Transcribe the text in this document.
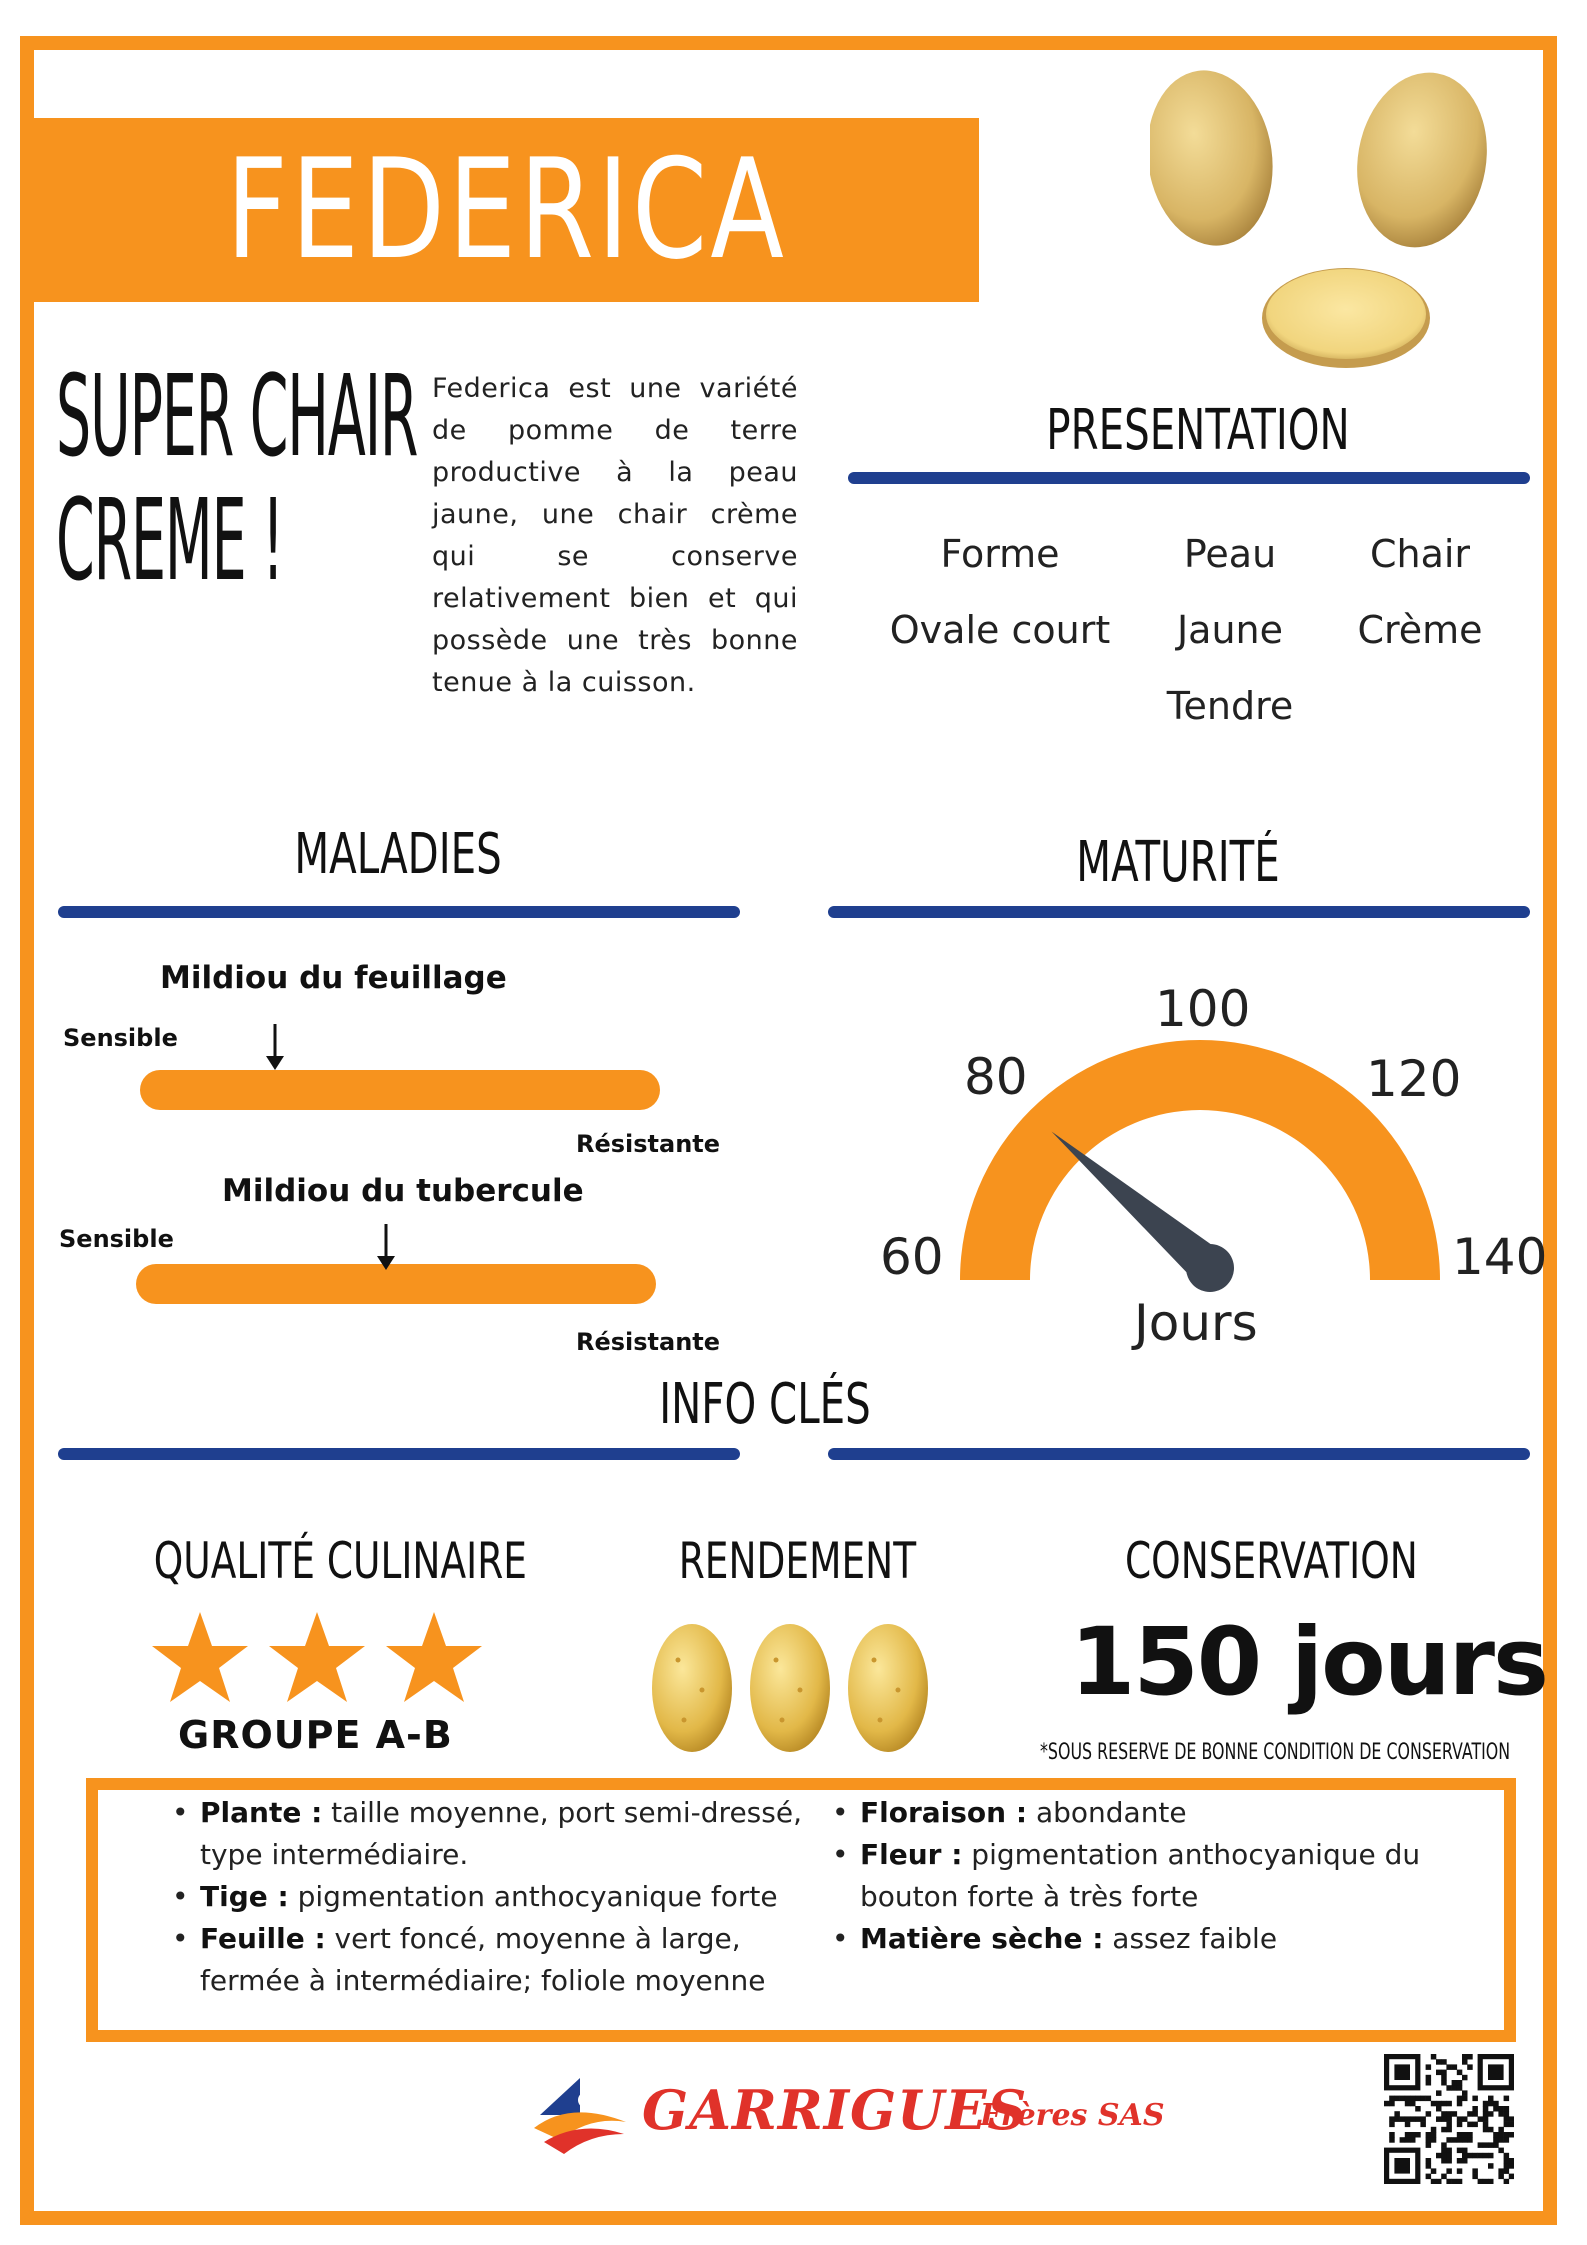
FEDERICA
SUPER CHAIR
CREME !
Federica est une variété de pomme de terre productive à la peau jaune, une chair crème qui se conserve relativement bien et qui possède une très bonne tenue à la cuisson.
PRESENTATION
Forme
Ovale court
Peau
Jaune
Tendre
Chair
Crème
MALADIES
Mildiou du feuillage
Sensible
Résistante
Mildiou du tubercule
Sensible
Résistante
MATURITÉ
60
80
100
120
140
Jours
INFO CLÉS
QUALITÉ CULINAIRE
GROUPE A-B
RENDEMENT	CONSERVATION
150 jours
*SOUS RESERVE DE BONNE CONDITION DE CONSERVATION
• Plante : taille moyenne, port semi-dressé, type intermédiaire.
• Tige : pigmentation anthocyanique forte
• Feuille : vert foncé, moyenne à large, fermée à intermédiaire; foliole moyenne
• Floraison : abondante
• Fleur : pigmentation anthocyanique du bouton forte à très forte
• Matière sèche : assez faible
GARRIGUES
Frères SAS
